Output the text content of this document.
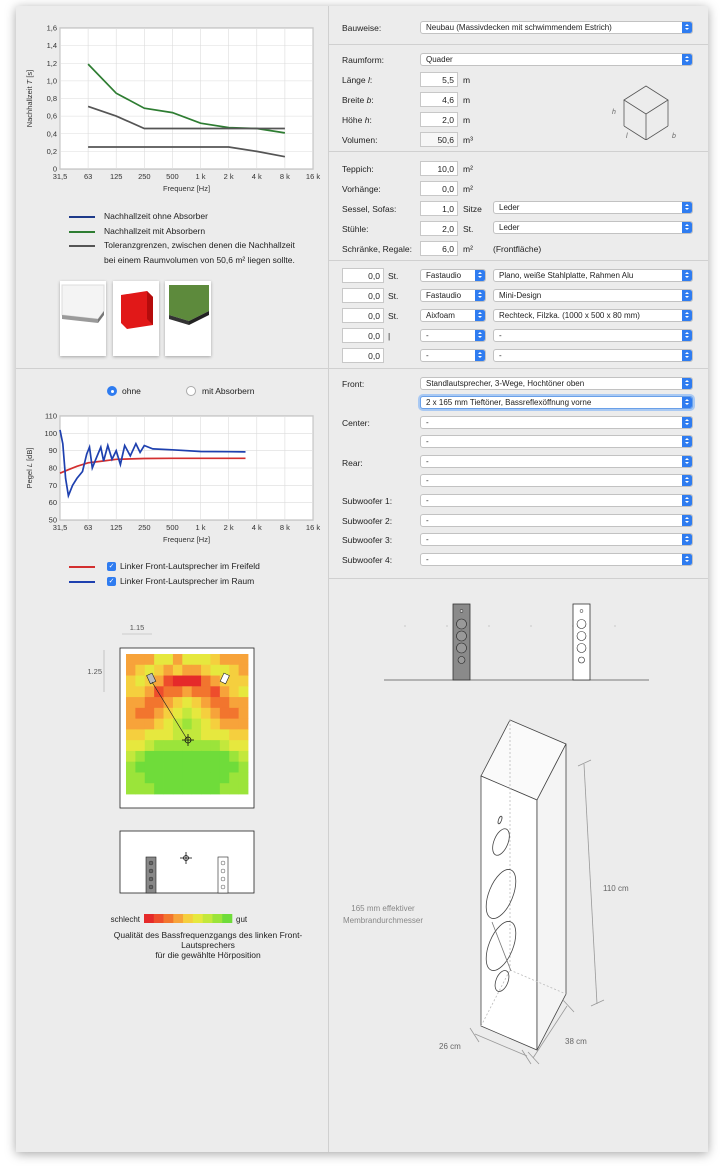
31,5 63 125 250 500 1 k 2 k 4 k 8 k 16 k
0
0,2
0,4
0,6
0,8
1,0
1,2
1,4
1,6
Frequenz [Hz]
Nachhallzeit T [s]
Nachhallzeit ohne Absorber
Nachhallzeit mit Absorbern
Toleranzgrenzen, zwischen denen die Nachhallzeit
bei einem Raumvolumen von 50,6 m² liegen sollte.
ohne	mit Absorbern
31,5 63 125 250 500 1 k 2 k 4 k 8 k 16 k
50
60
70
80
90
100
110
Frequenz [Hz]
Pegel L [dB]
✓ Linker Front-Lautsprecher im Freifeld
✓ Linker Front-Lautsprecher im Raum
1.15
1.25
schlecht	gut
Qualität des Bassfrequenzgangs des linken Front-Lautsprechers
für die gewählte Hörposition
Bauweise:	Neubau (Massivdecken mit schwimmendem Estrich)
Raumform:	Quader
Länge l:	5,5	m
Breite b:	4,6	m
Höhe h:	2,0	m
Volumen:	50,6	m³
h
l	b
Teppich:	10,0	m²
Vorhänge:	0,0	m²
Sessel, Sofas:	1,0	Sitze	Leder
Stühle:	2,0	St.	Leder
Schränke, Regale:	6,0	m² (Frontfläche)
0,0 St.	Fastaudio	Plano, weiße Stahlplatte, Rahmen Alu
0,0 St.	Fastaudio	Mini-Design
0,0 St.	Aixfoam	Rechteck, Filzka. (1000 x 500 x 80 mm)
0,0 |	-	-
0,0	-	-
Front:	Standlautsprecher, 3-Wege, Hochtöner oben
2 x 165 mm Tieftöner, Bassreflexöffnung vorne
Center:	-
-
Rear:	-
-
Subwoofer 1:	-
Subwoofer 2:	-
Subwoofer 3:	-
Subwoofer 4:	-
165 mm effektiver
Membrandurchmesser
110 cm
26 cm
38 cm
